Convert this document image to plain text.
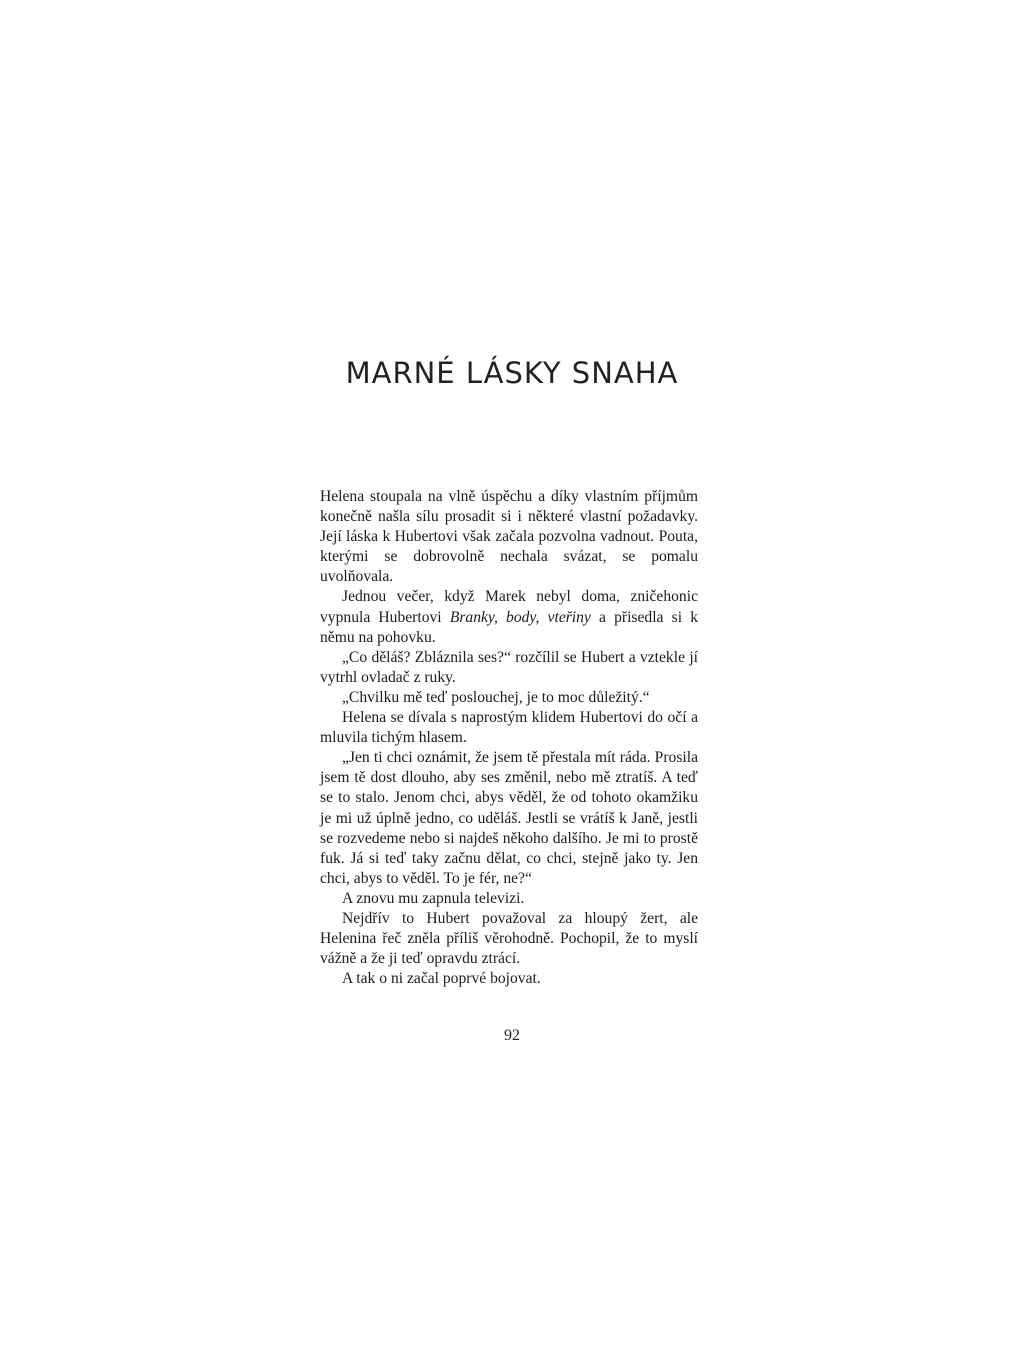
MARNÉ LÁSKY SNAHA

Helena stoupala na vlně úspěchu a díky vlastním příjmům konečně našla sílu prosadit si i některé vlastní požadavky. Její láska k Hubertovi však začala pozvolna vadnout. Pouta, kterými se dobrovolně nechala svázat, se pomalu uvolňovala.

Jednou večer, když Marek nebyl doma, zničehonic vypnula Hubertovi Branky, body, vteřiny a přisedla si k němu na pohovku.

„Co děláš? Zbláznila ses?“ rozčílil se Hubert a vztekle jí vytrhl ovladač z ruky.

„Chvilku mě teď poslouchej, je to moc důležitý.“

Helena se dívala s naprostým klidem Hubertovi do očí a mluvila tichým hlasem.

„Jen ti chci oznámit, že jsem tě přestala mít ráda. Prosila jsem tě dost dlouho, aby ses změnil, nebo mě ztratíš. A teď se to stalo. Jenom chci, abys věděl, že od tohoto okamžiku je mi už úplně jedno, co uděláš. Jestli se vrátíš k Janě, jestli se rozvedeme nebo si najdeš někoho dalšího. Je mi to prostě fuk. Já si teď taky začnu dělat, co chci, stejně jako ty. Jen chci, abys to věděl. To je fér, ne?“

A znovu mu zapnula televizi.

Nejdřív to Hubert považoval za hloupý žert, ale Helenina řeč zněla příliš věrohodně. Pochopil, že to myslí vážně a že ji teď opravdu ztrácí.

A tak o ni začal poprvé bojovat.

92
